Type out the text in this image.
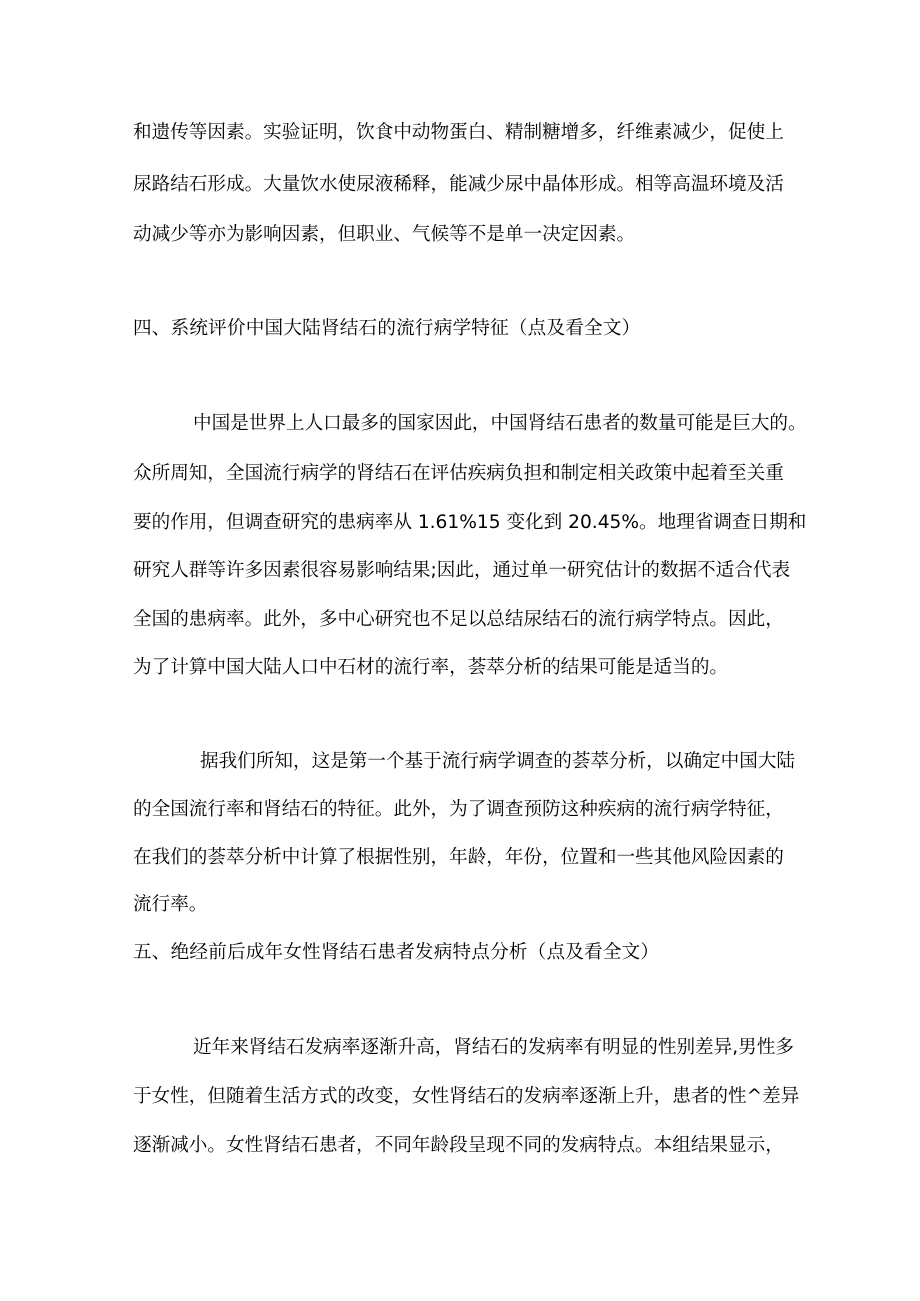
和遗传等因素。实验证明，饮食中动物蛋白、精制糖增多，纤维素减少，促使上
尿路结石形成。大量饮水使尿液稀释，能减少尿中晶体形成。相等高温环境及活
动减少等亦为影响因素，但职业、气候等不是单一决定因素。
四、系统评价中国大陆肾结石的流行病学特征（点及看全文）
中国是世界上人口最多的国家因此，中国肾结石患者的数量可能是巨大的。
众所周知，全国流行病学的肾结石在评估疾病负担和制定相关政策中起着至关重
要的作用，但调查研究的患病率从 1.61%15 变化到 20.45%。地理省调查日期和
研究人群等许多因素很容易影响结果;因此，通过单一研究估计的数据不适合代表
全国的患病率。此外，多中心研究也不足以总结尿结石的流行病学特点。因此，
为了计算中国大陆人口中石材的流行率，荟萃分析的结果可能是适当的。
据我们所知，这是第一个基于流行病学调查的荟萃分析，以确定中国大陆
的全国流行率和肾结石的特征。此外，为了调查预防这种疾病的流行病学特征，
在我们的荟萃分析中计算了根据性别，年龄，年份，位置和一些其他风险因素的
流行率。
五、绝经前后成年女性肾结石患者发病特点分析（点及看全文）
近年来肾结石发病率逐渐升高，肾结石的发病率有明显的性别差异,男性多
于女性，但随着生活方式的改变，女性肾结石的发病率逐渐上升，患者的性^差异
逐渐减小。女性肾结石患者，不同年龄段呈现不同的发病特点。本组结果显示，
